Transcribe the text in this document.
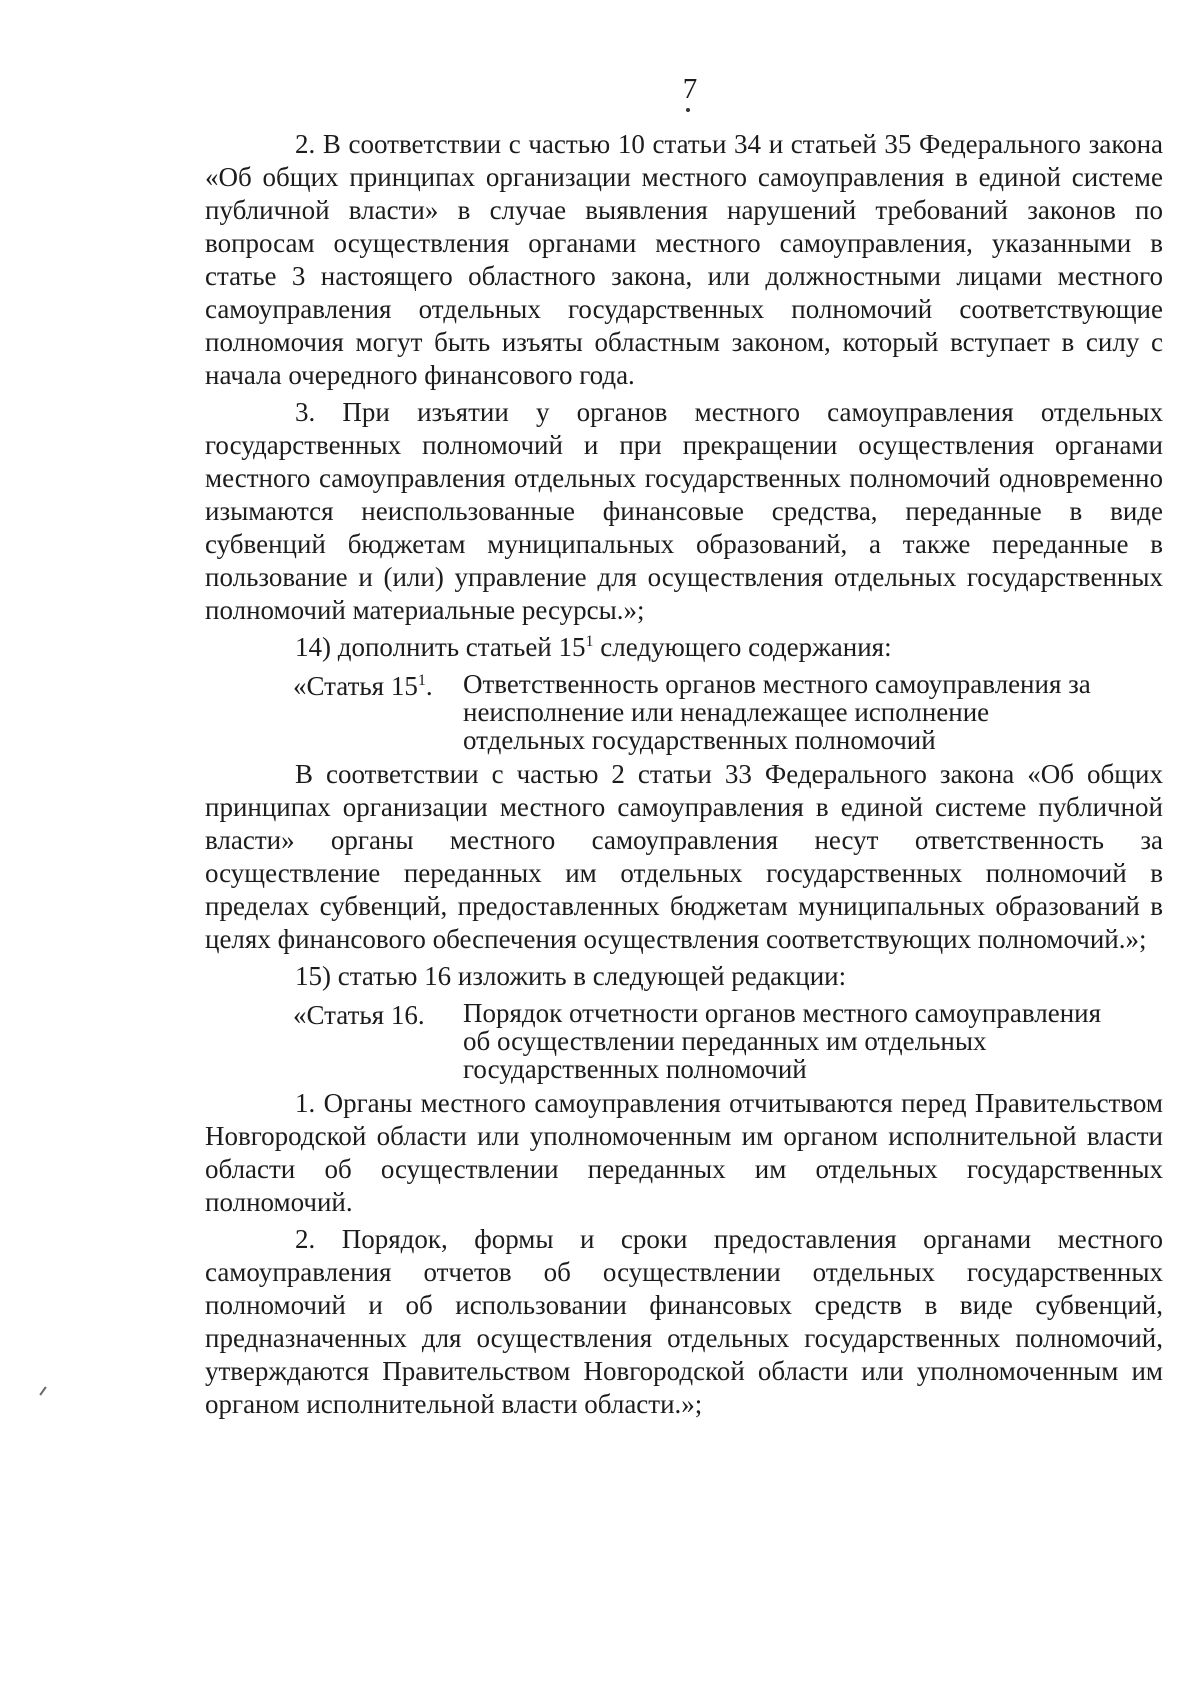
7

2. В соответствии с частью 10 статьи 34 и статьей 35 Федерального закона «Об общих принципах организации местного самоуправления в единой системе публичной власти» в случае выявления нарушений требований законов по вопросам осуществления органами местного самоуправления, указанными в статье 3 настоящего областного закона, или должностными лицами местного самоуправления отдельных государственных полномочий соответствующие полномочия могут быть изъяты областным законом, который вступает в силу с начала очередного финансового года.

3. При изъятии у органов местного самоуправления отдельных государственных полномочий и при прекращении осуществления органами местного самоуправления отдельных государственных полномочий одновременно изымаются неиспользованные финансовые средства, переданные в виде субвенций бюджетам муниципальных образований, а также переданные в пользование и (или) управление для осуществления отдельных государственных полномочий материальные ресурсы.»;

14) дополнить статьей $15^1$ следующего содержания:

«Статья $15^1$.	Ответственность органов местного самоуправления за
неисполнение или ненадлежащее исполнение
отдельных государственных полномочий

В соответствии с частью 2 статьи 33 Федерального закона «Об общих принципах организации местного самоуправления в единой системе публичной власти» органы местного самоуправления несут ответственность за осуществление переданных им отдельных государственных полномочий в пределах субвенций, предоставленных бюджетам муниципальных образований в целях финансового обеспечения осуществления соответствующих полномочий.»;

15) статью 16 изложить в следующей редакции:

«Статья 16.	Порядок отчетности органов местного самоуправления
об осуществлении переданных им отдельных
государственных полномочий

1. Органы местного самоуправления отчитываются перед Правительством Новгородской области или уполномоченным им органом исполнительной власти области об осуществлении переданных им отдельных государственных полномочий.

2. Порядок, формы и сроки предоставления органами местного самоуправления отчетов об осуществлении отдельных государственных полномочий и об использовании финансовых средств в виде субвенций, предназначенных для осуществления отдельных государственных полномочий, утверждаются Правительством Новгородской области или уполномоченным им органом исполнительной власти области.»;
